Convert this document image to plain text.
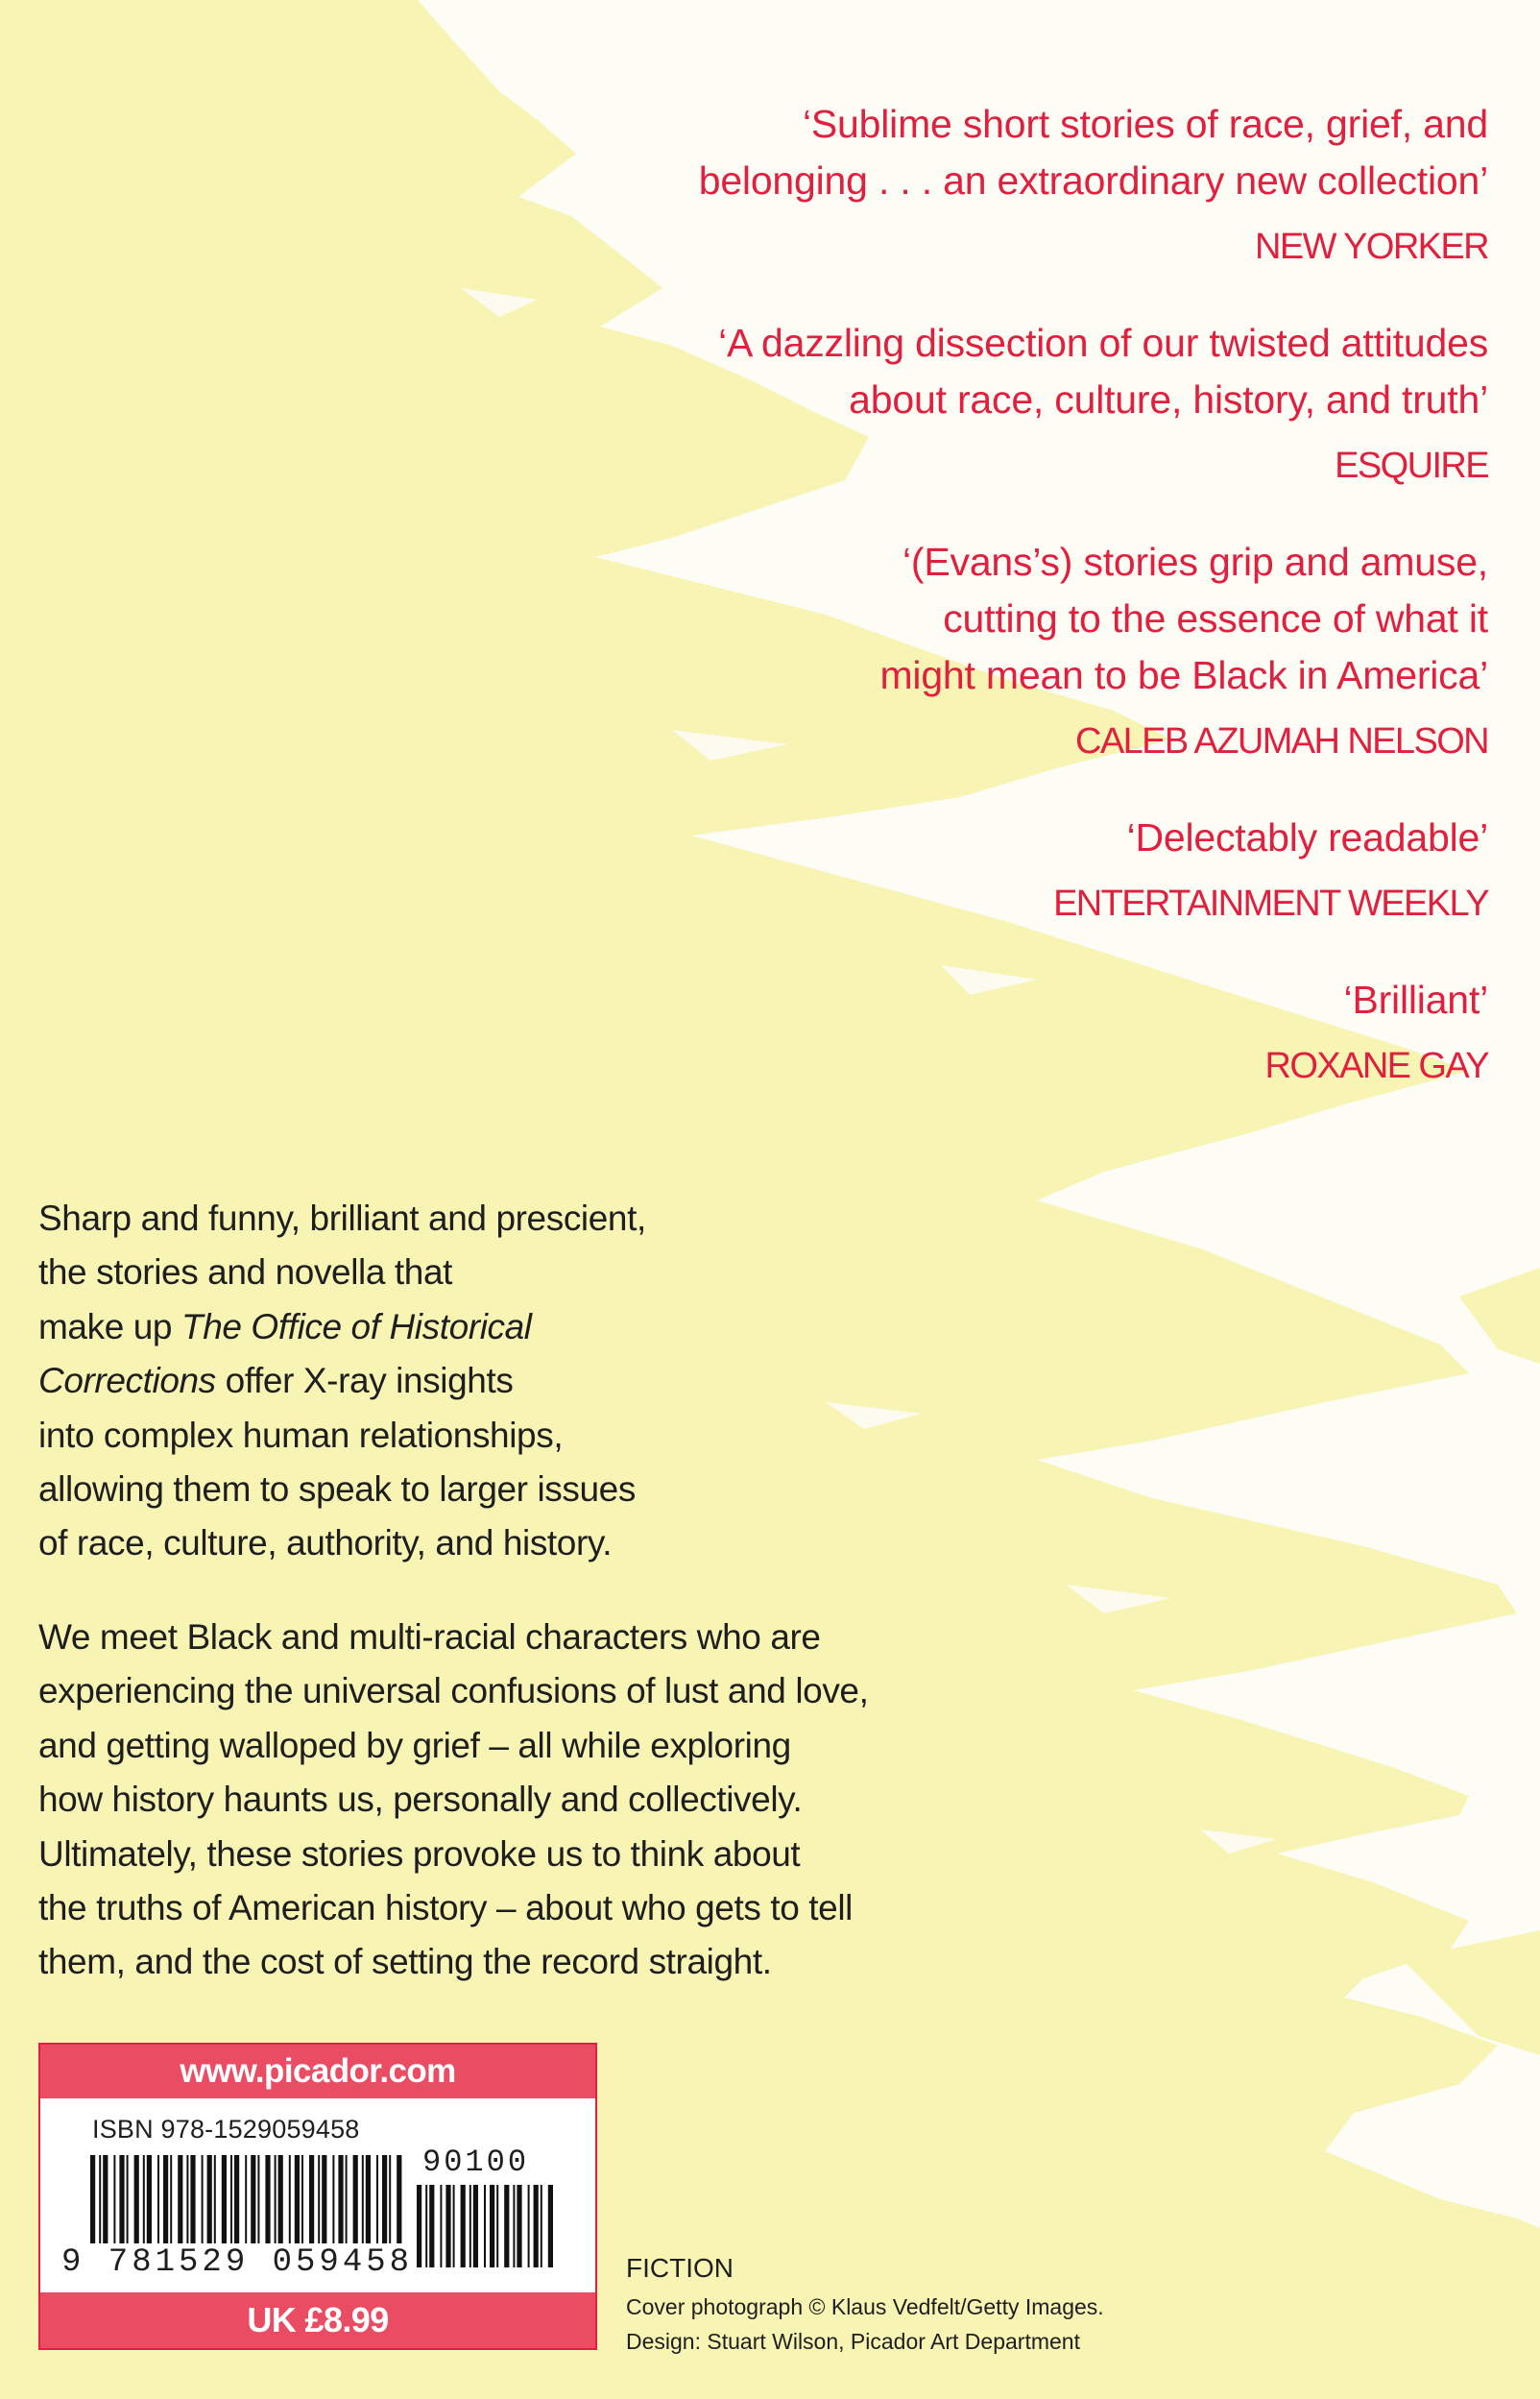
‘Sublime short stories of race, grief, and
belonging . . . an extraordinary new collection’

NEW YORKER

‘A dazzling dissection of our twisted attitudes
about race, culture, history, and truth’

ESQUIRE

‘(Evans’s) stories grip and amuse,
cutting to the essence of what it
might mean to be Black in America’

CALEB AZUMAH NELSON

‘Delectably readable’

ENTERTAINMENT WEEKLY

‘Brilliant’

ROXANE GAY

Sharp and funny, brilliant and prescient,
the stories and novella that
make up The Office of Historical
Corrections offer X-ray insights
into complex human relationships,
allowing them to speak to larger issues
of race, culture, authority, and history.

We meet Black and multi-racial characters who are
experiencing the universal confusions of lust and love,
and getting walloped by grief – all while exploring
how history haunts us, personally and collectively.
Ultimately, these stories provoke us to think about
the truths of American history – about who gets to tell
them, and the cost of setting the record straight.

www.picador.com
ISBN 978-1529059458
9 781529 059458
90100
UK £8.99

FICTION

Cover photograph © Klaus Vedfelt/Getty Images.

Design: Stuart Wilson, Picador Art Department
